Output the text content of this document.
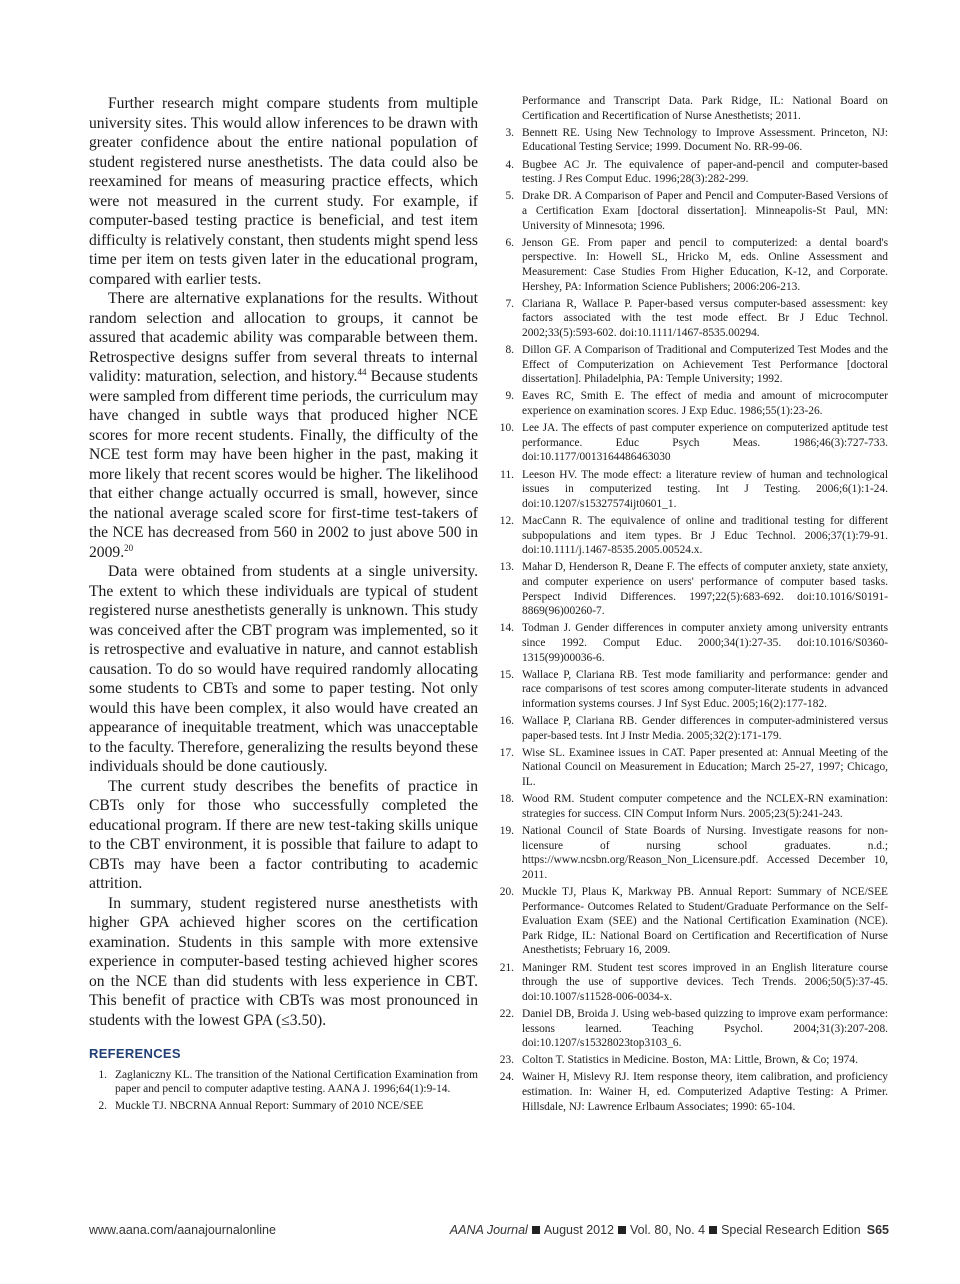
Further research might compare students from multiple university sites. This would allow inferences to be drawn with greater confidence about the entire national population of student registered nurse anesthetists. The data could also be reexamined for means of measuring practice effects, which were not measured in the current study. For example, if computer-based testing practice is beneficial, and test item difficulty is relatively constant, then students might spend less time per item on tests given later in the educational program, compared with earlier tests.

There are alternative explanations for the results. Without random selection and allocation to groups, it cannot be assured that academic ability was comparable between them. Retrospective designs suffer from several threats to internal validity: maturation, selection, and history.$^{44}$ Because students were sampled from different time periods, the curriculum may have changed in subtle ways that produced higher NCE scores for more recent students. Finally, the difficulty of the NCE test form may have been higher in the past, making it more likely that recent scores would be higher. The likelihood that either change actually occurred is small, however, since the national average scaled score for first-time test-takers of the NCE has decreased from 560 in 2002 to just above 500 in 2009.20

Data were obtained from students at a single university. The extent to which these individuals are typical of student registered nurse anesthetists generally is unknown. This study was conceived after the CBT program was implemented, so it is retrospective and evaluative in nature, and cannot establish causation. To do so would have required randomly allocating some students to CBTs and some to paper testing. Not only would this have been complex, it also would have created an appearance of inequitable treatment, which was unacceptable to the faculty. Therefore, generalizing the results beyond these individuals should be done cautiously.

The current study describes the benefits of practice in CBTs only for those who successfully completed the educational program. If there are new test-taking skills unique to the CBT environment, it is possible that failure to adapt to CBTs may have been a factor contributing to academic attrition.

In summary, student registered nurse anesthetists with higher GPA achieved higher scores on the certification examination. Students in this sample with more extensive experience in computer-based testing achieved higher scores on the NCE than did students with less experience in CBT. This benefit of practice with CBTs was most pronounced in students with the lowest GPA (≤3.50).

REFERENCES
1. Zaglaniczny KL. The transition of the National Certification Examination from paper and pencil to computer adaptive testing. AANA J. 1996;64(1):9-14.
2. Muckle TJ. NBCRNA Annual Report: Summary of 2010 NCE/SEE
Performance and Transcript Data. Park Ridge, IL: National Board on Certification and Recertification of Nurse Anesthetists; 2011.
3. Bennett RE. Using New Technology to Improve Assessment. Princeton, NJ: Educational Testing Service; 1999. Document No. RR-99-06.
4. Bugbee AC Jr. The equivalence of paper-and-pencil and computer-based testing. J Res Comput Educ. 1996;28(3):282-299.
5. Drake DR. A Comparison of Paper and Pencil and Computer-Based Versions of a Certification Exam [doctoral dissertation]. Minneapolis-St Paul, MN: University of Minnesota; 1996.
6. Jenson GE. From paper and pencil to computerized: a dental board's perspective. In: Howell SL, Hricko M, eds. Online Assessment and Measurement: Case Studies From Higher Education, K-12, and Corporate. Hershey, PA: Information Science Publishers; 2006:206-213.
7. Clariana R, Wallace P. Paper-based versus computer-based assessment: key factors associated with the test mode effect. Br J Educ Technol. 2002;33(5):593-602. doi:10.1111/1467-8535.00294.
8. Dillon GF. A Comparison of Traditional and Computerized Test Modes and the Effect of Computerization on Achievement Test Performance [doctoral dissertation]. Philadelphia, PA: Temple University; 1992.
9. Eaves RC, Smith E. The effect of media and amount of microcomputer experience on examination scores. J Exp Educ. 1986;55(1):23-26.
10. Lee JA. The effects of past computer experience on computerized aptitude test performance. Educ Psych Meas. 1986;46(3):727-733. doi:10.1177/0013164486463030
11. Leeson HV. The mode effect: a literature review of human and technological issues in computerized testing. Int J Testing. 2006;6(1):1-24. doi:10.1207/s15327574ijt0601_1.
12. MacCann R. The equivalence of online and traditional testing for different subpopulations and item types. Br J Educ Technol. 2006;37(1):79-91. doi:10.1111/j.1467-8535.2005.00524.x.
13. Mahar D, Henderson R, Deane F. The effects of computer anxiety, state anxiety, and computer experience on users' performance of computer based tasks. Perspect Individ Differences. 1997;22(5):683-692. doi:10.1016/S0191-8869(96)00260-7.
14. Todman J. Gender differences in computer anxiety among university entrants since 1992. Comput Educ. 2000;34(1):27-35. doi:10.1016/S0360-1315(99)00036-6.
15. Wallace P, Clariana RB. Test mode familiarity and performance: gender and race comparisons of test scores among computer-literate students in advanced information systems courses. J Inf Syst Educ. 2005;16(2):177-182.
16. Wallace P, Clariana RB. Gender differences in computer-administered versus paper-based tests. Int J Instr Media. 2005;32(2):171-179.
17. Wise SL. Examinee issues in CAT. Paper presented at: Annual Meeting of the National Council on Measurement in Education; March 25-27, 1997; Chicago, IL.
18. Wood RM. Student computer competence and the NCLEX-RN examination: strategies for success. CIN Comput Inform Nurs. 2005;23(5):241-243.
19. National Council of State Boards of Nursing. Investigate reasons for non-licensure of nursing school graduates. n.d.; https://www.ncsbn.org/Reason_Non_Licensure.pdf. Accessed December 10, 2011.
20. Muckle TJ, Plaus K, Markway PB. Annual Report: Summary of NCE/SEE Performance- Outcomes Related to Student/Graduate Performance on the Self-Evaluation Exam (SEE) and the National Certification Examination (NCE). Park Ridge, IL: National Board on Certification and Recertification of Nurse Anesthetists; February 16, 2009.
21. Maninger RM. Student test scores improved in an English literature course through the use of supportive devices. Tech Trends. 2006;50(5):37-45. doi:10.1007/s11528-006-0034-x.
22. Daniel DB, Broida J. Using web-based quizzing to improve exam performance: lessons learned. Teaching Psychol. 2004;31(3):207-208. doi:10.1207/s15328023top3103_6.
23. Colton T. Statistics in Medicine. Boston, MA: Little, Brown, & Co; 1974.
24. Wainer H, Mislevy RJ. Item response theory, item calibration, and proficiency estimation. In: Wainer H, ed. Computerized Adaptive Testing: A Primer. Hillsdale, NJ: Lawrence Erlbaum Associates; 1990: 65-104.
www.aana.com/aanajournalonline	AANA Journal August 2012 Vol. 80, No. 4 Special Research Edition S65
